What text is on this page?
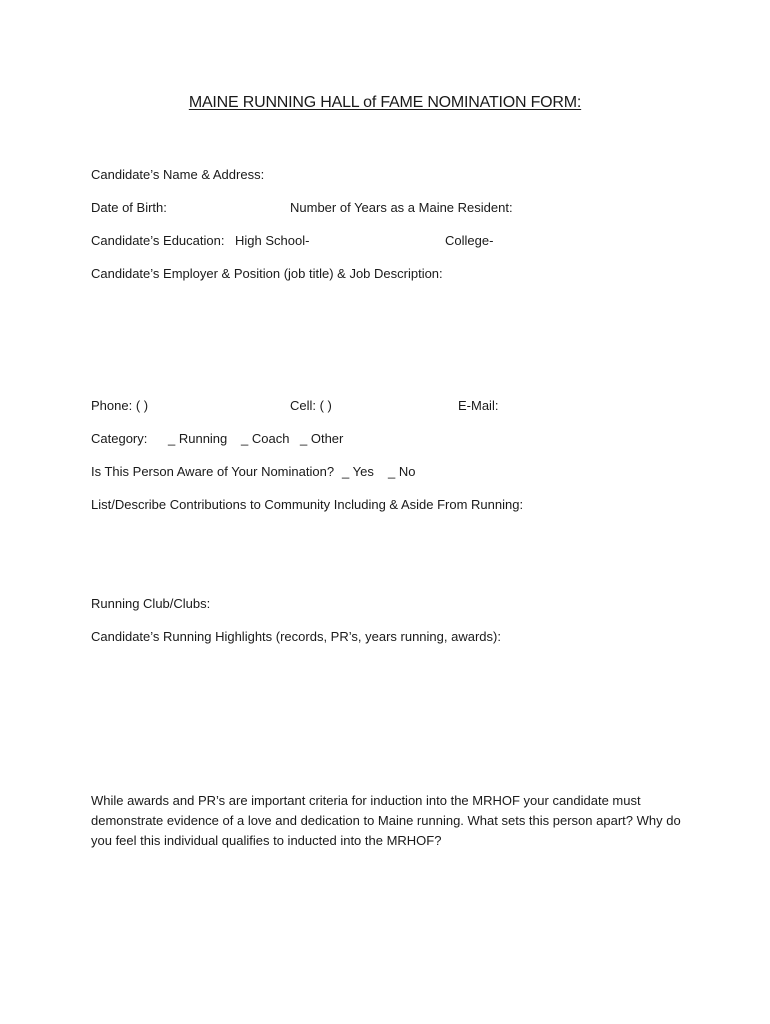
MAINE RUNNING HALL of FAME NOMINATION FORM:
Candidate’s Name & Address:
Date of Birth:	Number of Years as a Maine Resident:
Candidate’s Education: High School-	College-
Candidate’s Employer & Position (job title) & Job Description:
Phone: ( )	Cell: ( )	E-Mail:
Category: _ Running _ Coach _ Other
Is This Person Aware of Your Nomination? _ Yes _ No
List/Describe Contributions to Community Including & Aside From Running:
Running Club/Clubs:
Candidate’s Running Highlights (records, PR’s, years running, awards):
While awards and PR’s are important criteria for induction into the MRHOF your candidate must demonstrate evidence of a love and dedication to Maine running. What sets this person apart? Why do you feel this individual qualifies to inducted into the MRHOF?
